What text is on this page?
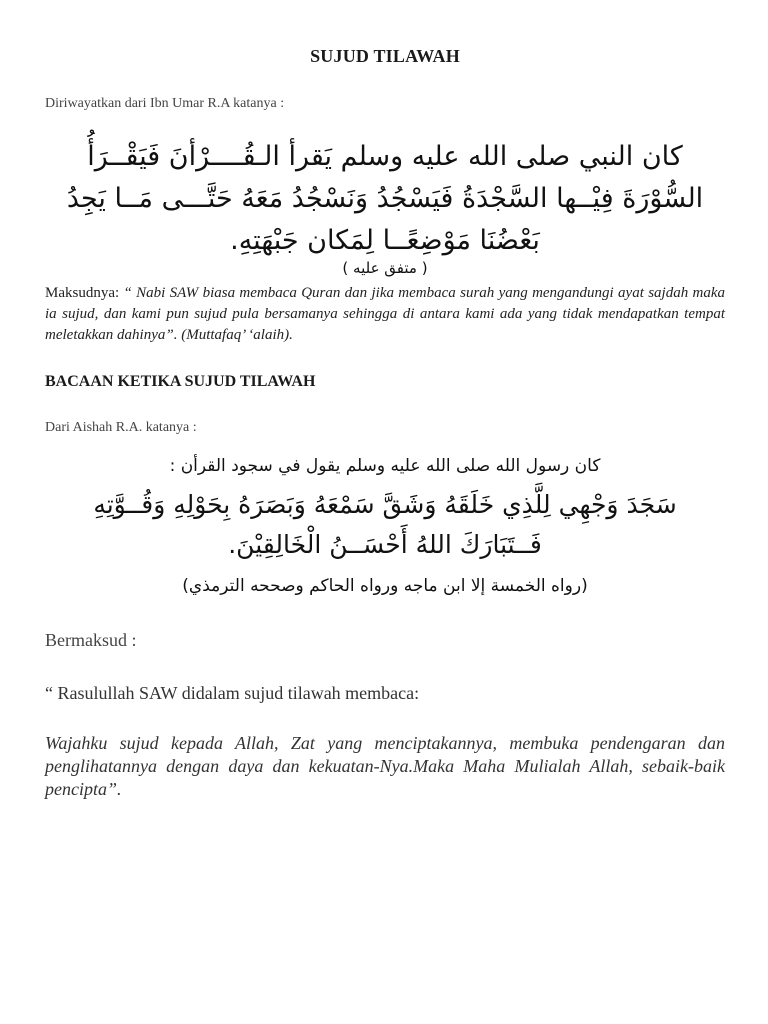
SUJUD TILAWAH
Diriwayatkan dari Ibn Umar R.A katanya :
كان النبي صلى الله عليه وسلم يَقرأ الـقُــــرْأنَ فَيَقْــرَأُ
السُّوْرَةَ فِيْــها السَّجْدَةُ فَيَسْجُدُ وَنَسْجُدُ مَعَهُ حَتَّـــى مَــا يَجِدُ
بَعْضُنَا مَوْضِعًــا لِمَكان جَبْهَتِهِ.
( متفق عليه )
Maksudnya: “ Nabi SAW biasa membaca Quran dan jika membaca surah yang mengandungi ayat sajdah maka ia sujud, dan kami pun sujud pula bersamanya sehingga di antara kami ada yang tidak mendapatkan tempat meletakkan dahinya”. (Muttafaq’ ‘alaih).
BACAAN KETIKA SUJUD TILAWAH
Dari Aishah R.A. katanya :
كان رسول الله صلى الله عليه وسلم يقول في سجود القرأن :
سَجَدَ وَجْهِي لِلَّذِي خَلَقَهُ وَشَقَّ سَمْعَهُ وَبَصَرَهُ بِحَوْلِهِ وَقُــوَّتِهِ
فَــتَبَارَكَ اللهُ أَحْسَــنُ الْخَالِقِيْنَ.
(رواه الخمسة إلا ابن ماجه ورواه الحاكم وصححه الترمذي)
Bermaksud :
“ Rasulullah SAW didalam sujud tilawah membaca:
Wajahku sujud kepada Allah, Zat yang menciptakannya, membuka pendengaran dan penglihatannya dengan daya dan kekuatan-Nya.Maka Maha Mulialah Allah, sebaik-baik pencipta”.
